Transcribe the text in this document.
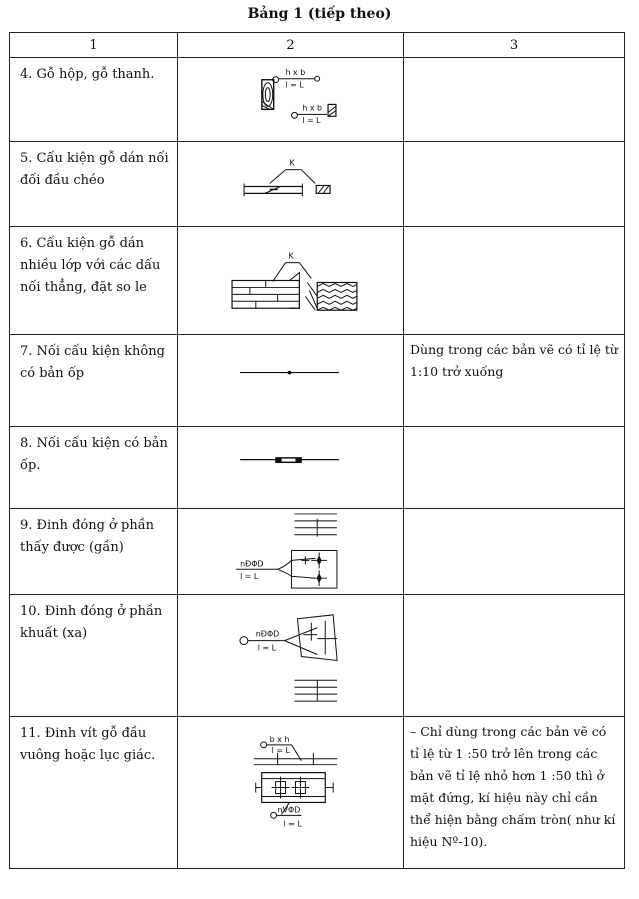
Bảng 1 (tiếp theo)
1	2	3
4. Gỗ hộp, gỗ thanh.	h x b
l = L
h x b
l = L	

5. Cấu kiện gỗ dán nối đối đầu chéo	K	

6. Cấu kiện gỗ dán nhiều lớp với các dấu nối thẳng, đặt so le	K	

7. Nối cấu kiện không có bản ốp		Dùng trong các bản vẽ có tỉ lệ từ 1:10 trở xuống
8. Nối cấu kiện có bản ốp.	

9. Đinh đóng ở phần thấy được (gần)	nĐΦD
l = L	

10. Đinh đóng ở phần khuất (xa)	nĐΦD
l = L	

11. Đinh vít gỗ đầu vuông hoặc lục giác.	b x h
l = L
nVΦD
l = L	– Chỉ dùng trong các bản vẽ có tỉ lệ từ 1 :50 trở lên trong các bản vẽ tỉ lệ nhỏ hơn 1 :50 thì ở mặt đứng, kí hiệu này chỉ cần thể hiện bằng chấm tròn( như kí hiệu Nº-10).
